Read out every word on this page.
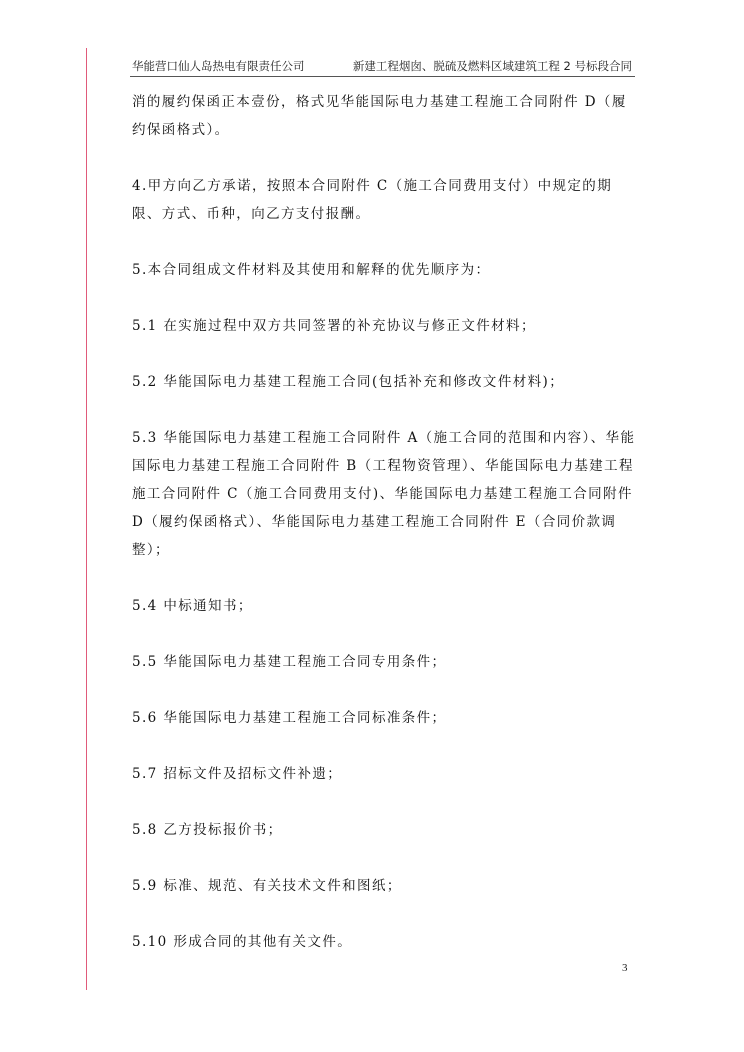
华能营口仙人岛热电有限责任公司	新建工程烟囱、脱硫及燃料区域建筑工程 2 号标段合同

消的履约保函正本壹份，格式见华能国际电力基建工程施工合同附件 D（履约保函格式）。

4.甲方向乙方承诺，按照本合同附件 C（施工合同费用支付）中规定的期限、方式、币种，向乙方支付报酬。

5.本合同组成文件材料及其使用和解释的优先顺序为：

5.1 在实施过程中双方共同签署的补充协议与修正文件材料；

5.2 华能国际电力基建工程施工合同(包括补充和修改文件材料)；

5.3 华能国际电力基建工程施工合同附件 A（施工合同的范围和内容）、华能国际电力基建工程施工合同附件 B（工程物资管理）、华能国际电力基建工程施工合同附件 C（施工合同费用支付)、华能国际电力基建工程施工合同附件 D（履约保函格式）、华能国际电力基建工程施工合同附件 E（合同价款调整）；

5.4 中标通知书；

5.5 华能国际电力基建工程施工合同专用条件；

5.6 华能国际电力基建工程施工合同标准条件；

5.7 招标文件及招标文件补遗；

5.8 乙方投标报价书；

5.9 标准、规范、有关技术文件和图纸；

5.10 形成合同的其他有关文件。

3
